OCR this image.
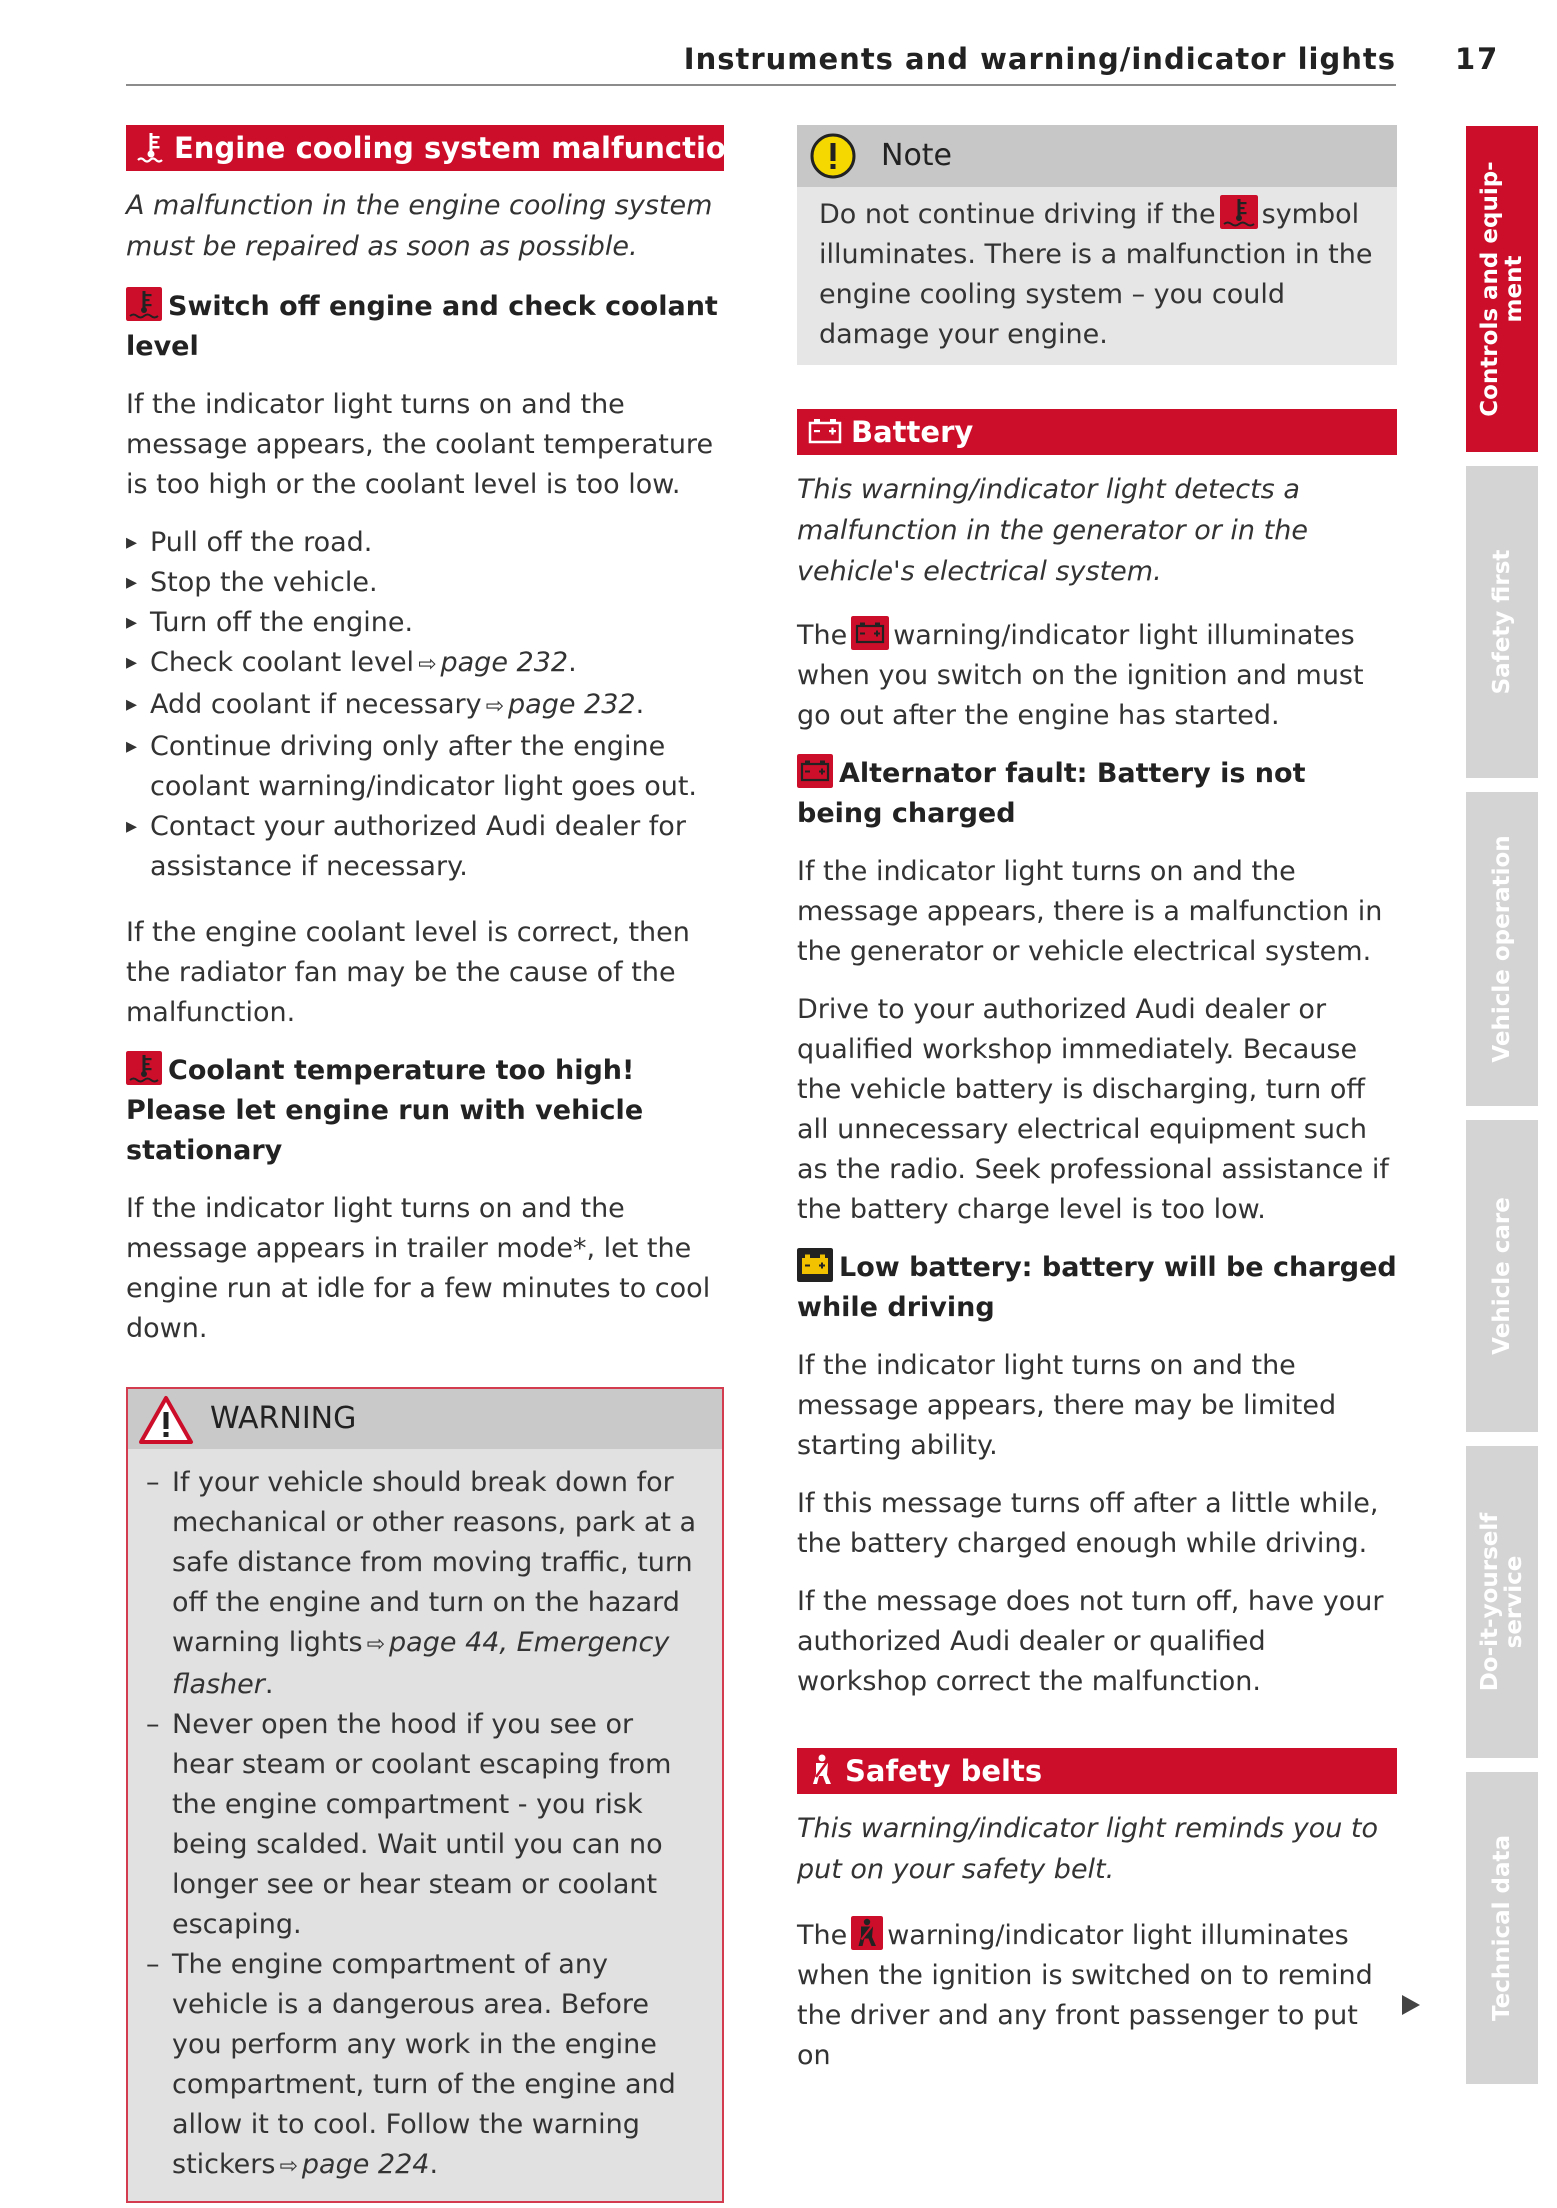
Instruments and warning/indicator lights 17
Engine cooling system malfunction

A malfunction in the engine cooling system must be repaired as soon as possible.

Switch off engine and check coolant level

If the indicator light turns on and the message appears, the coolant temperature is too high or the coolant level is too low.

▸ Pull off the road.
▸ Stop the vehicle.
▸ Turn off the engine.
▸ Check coolant level ⇨ page 232.
▸ Add coolant if necessary ⇨ page 232.
▸ Continue driving only after the engine coolant warning/indicator light goes out.
▸ Contact your authorized Audi dealer for assistance if necessary.

If the engine coolant level is correct, then the radiator fan may be the cause of the malfunction.

Coolant temperature too high! Please let engine run with vehicle stationary

If the indicator light turns on and the message appears in trailer mode*, let the engine run at idle for a few minutes to cool down.

WARNING
– If your vehicle should break down for mechanical or other reasons, park at a safe distance from moving traffic, turn off the engine and turn on the hazard warning lights ⇨ page 44, Emergency flasher.
– Never open the hood if you see or hear steam or coolant escaping from the engine compartment - you risk being scalded. Wait until you can no longer see or hear steam or coolant escaping.
– The engine compartment of any vehicle is a dangerous area. Before you perform any work in the engine compartment, turn of the engine and allow it to cool. Follow the warning stickers ⇨ page 224.
Note

Do not continue driving if the symbol illuminates. There is a malfunction in the engine cooling system – you could damage your engine.

Battery

This warning/indicator light detects a malfunction in the generator or in the vehicle's electrical system.

The warning/indicator light illuminates when you switch on the ignition and must go out after the engine has started.

Alternator fault: Battery is not being charged

If the indicator light turns on and the message appears, there is a malfunction in the generator or vehicle electrical system.

Drive to your authorized Audi dealer or qualified workshop immediately. Because the vehicle battery is discharging, turn off all unnecessary electrical equipment such as the radio. Seek professional assistance if the battery charge level is too low.

Low battery: battery will be charged while driving

If the indicator light turns on and the message appears, there may be limited starting ability.

If this message turns off after a little while, the battery charged enough while driving.

If the message does not turn off, have your authorized Audi dealer or qualified workshop correct the malfunction.

Safety belts

This warning/indicator light reminds you to put on your safety belt.

The warning/indicator light illuminates when the ignition is switched on to remind the driver and any front passenger to put on

Controls and equip-
ment
Safety first
Vehicle operation
Vehicle care
Do-it-yourself
service
Technical data
